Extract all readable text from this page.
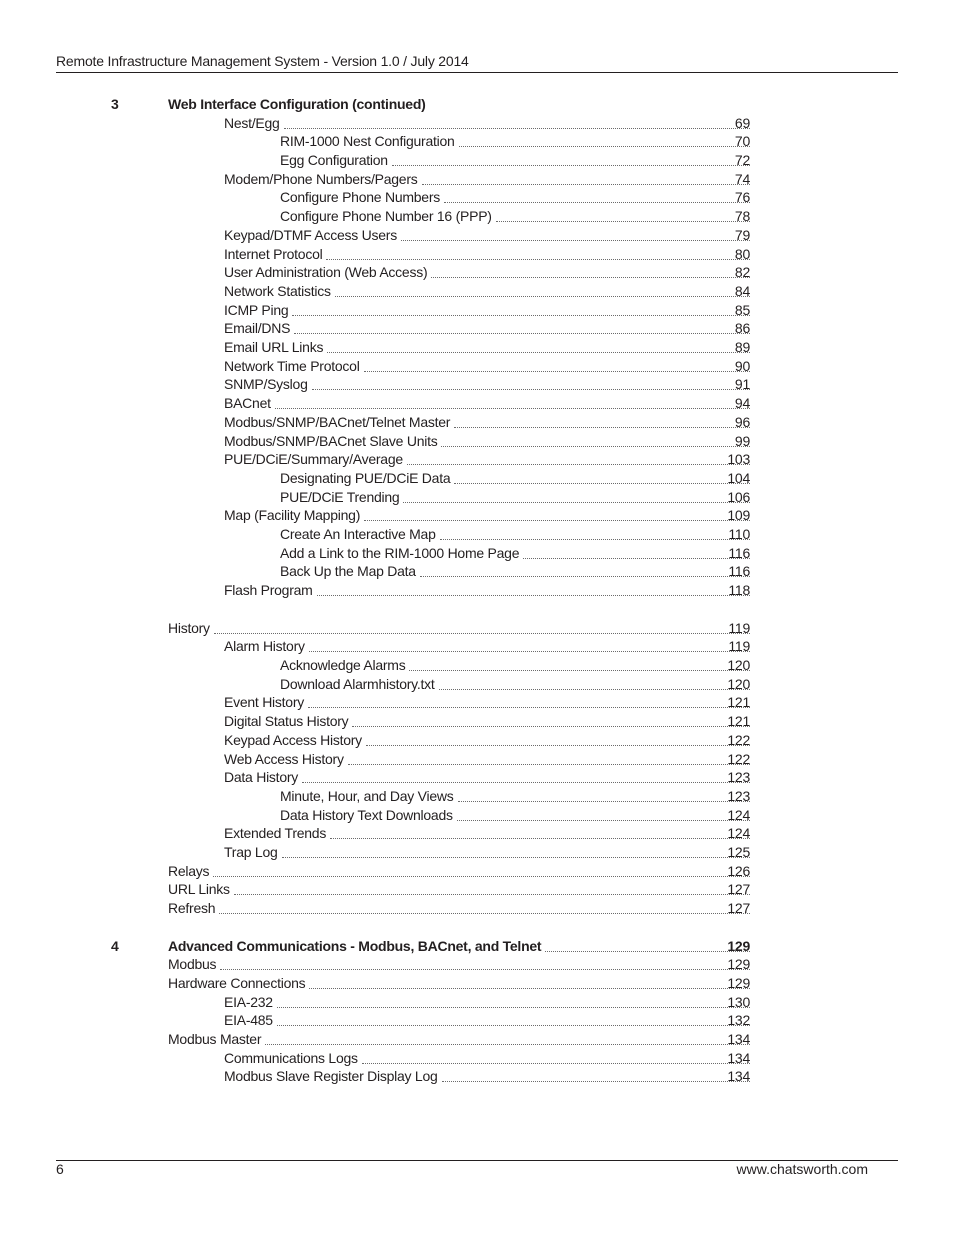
Remote Infrastructure Management System - Version 1.0 / July 2014
3	Web Interface Configuration (continued)
Nest/Egg	69
RIM-1000 Nest Configuration	70
Egg Configuration	72
Modem/Phone Numbers/Pagers	74
Configure Phone Numbers	76
Configure Phone Number 16 (PPP)	78
Keypad/DTMF Access Users	79
Internet Protocol	80
User Administration (Web Access)	82
Network Statistics	84
ICMP Ping	85
Email/DNS	86
Email URL Links	89
Network Time Protocol	90
SNMP/Syslog	91
BACnet	94
Modbus/SNMP/BACnet/Telnet Master	96
Modbus/SNMP/BACnet Slave Units	99
PUE/DCiE/Summary/Average	103
Designating PUE/DCiE Data	104
PUE/DCiE Trending	106
Map (Facility Mapping)	109
Create An Interactive Map	110
Add a Link to the RIM-1000 Home Page	116
Back Up the Map Data	116
Flash Program	118
History	119
Alarm History	119
Acknowledge Alarms	120
Download Alarmhistory.txt	120
Event History	121
Digital Status History	121
Keypad Access History	122
Web Access History	122
Data History	123
Minute, Hour, and Day Views	123
Data History Text Downloads	124
Extended Trends	124
Trap Log	125
Relays	126
URL Links	127
Refresh	127
4	Advanced Communications - Modbus, BACnet, and Telnet	129
Modbus	129
Hardware Connections	129
EIA-232	130
EIA-485	132
Modbus Master	134
Communications Logs	134
Modbus Slave Register Display Log	134
6	www.chatsworth.com
